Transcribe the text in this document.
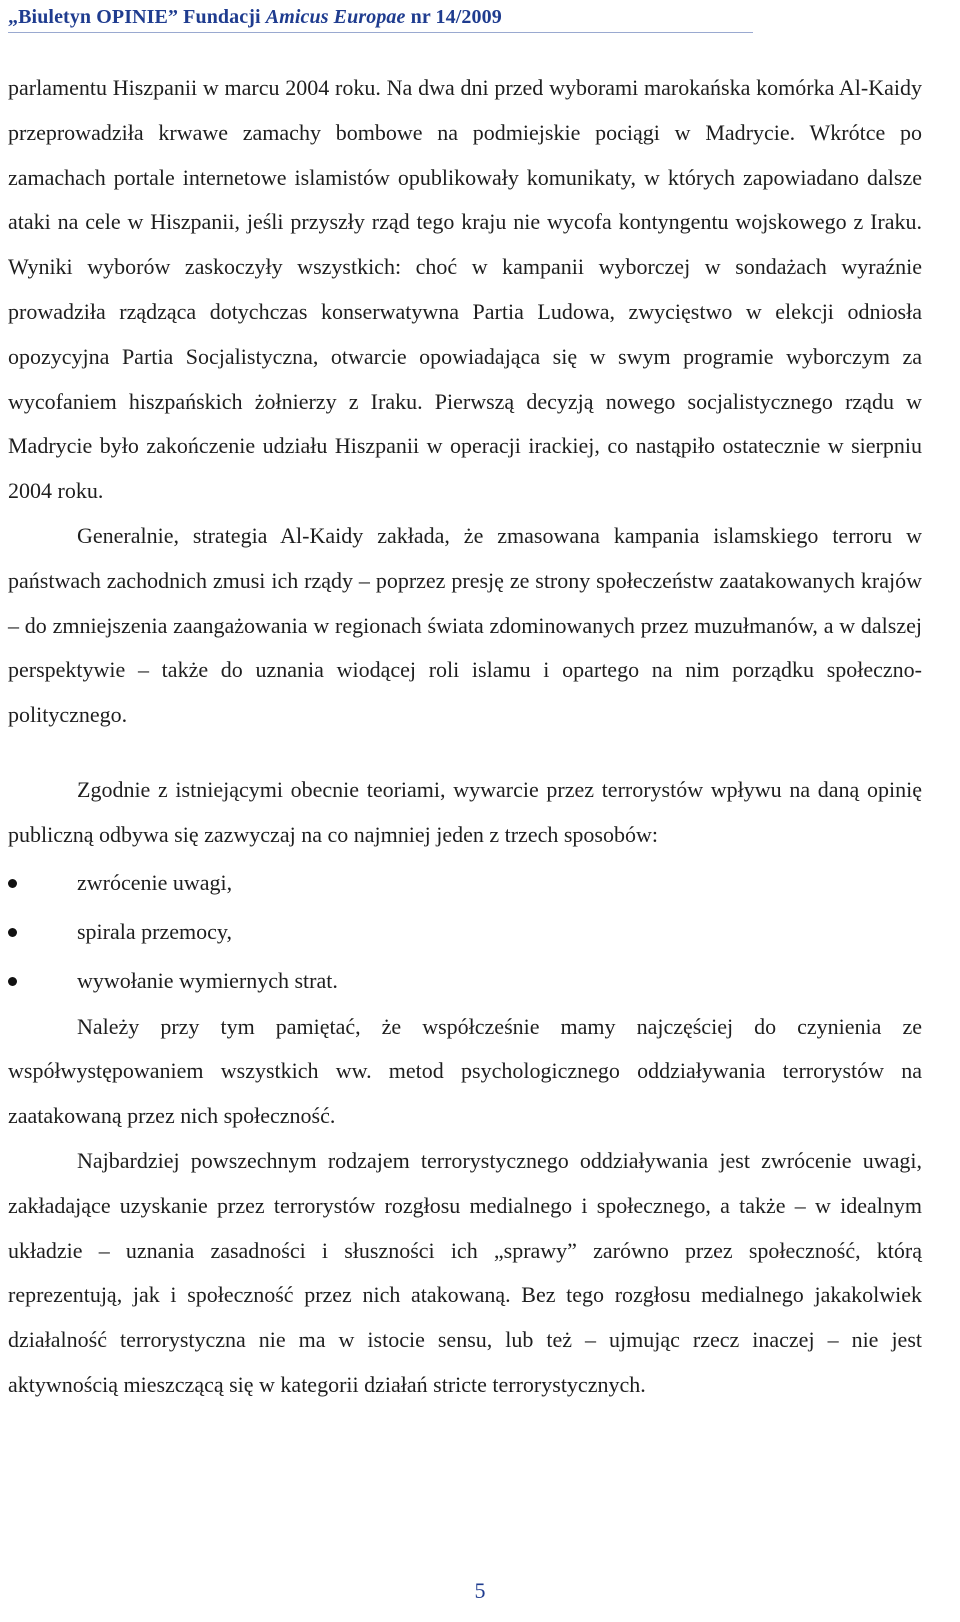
„Biuletyn OPINIE” Fundacji Amicus Europae nr 14/2009

parlamentu Hiszpanii w marcu 2004 roku. Na dwa dni przed wyborami marokańska komórka Al-Kaidy przeprowadziła krwawe zamachy bombowe na podmiejskie pociągi w Madrycie. Wkrótce po zamachach portale internetowe islamistów opublikowały komunikaty, w których zapowiadano dalsze ataki na cele w Hiszpanii, jeśli przyszły rząd tego kraju nie wycofa kontyngentu wojskowego z Iraku. Wyniki wyborów zaskoczyły wszystkich: choć w kampanii wyborczej w sondażach wyraźnie prowadziła rządząca dotychczas konserwatywna Partia Ludowa, zwycięstwo w elekcji odniosła opozycyjna Partia Socjalistyczna, otwarcie opowiadająca się w swym programie wyborczym za wycofaniem hiszpańskich żołnierzy z Iraku. Pierwszą decyzją nowego socjalistycznego rządu w Madrycie było zakończenie udziału Hiszpanii w operacji irackiej, co nastąpiło ostatecznie w sierpniu 2004 roku.

Generalnie, strategia Al-Kaidy zakłada, że zmasowana kampania islamskiego terroru w państwach zachodnich zmusi ich rządy – poprzez presję ze strony społeczeństw zaatakowanych krajów – do zmniejszenia zaangażowania w regionach świata zdominowanych przez muzułmanów, a w dalszej perspektywie – także do uznania wiodącej roli islamu i opartego na nim porządku społeczno-politycznego.

Zgodnie z istniejącymi obecnie teoriami, wywarcie przez terrorystów wpływu na daną opinię publiczną odbywa się zazwyczaj na co najmniej jeden z trzech sposobów:

zwrócenie uwagi,
spirala przemocy,
wywołanie wymiernych strat.

Należy przy tym pamiętać, że współcześnie mamy najczęściej do czynienia ze współwystępowaniem wszystkich ww. metod psychologicznego oddziaływania terrorystów na zaatakowaną przez nich społeczność.

Najbardziej powszechnym rodzajem terrorystycznego oddziaływania jest zwrócenie uwagi, zakładające uzyskanie przez terrorystów rozgłosu medialnego i społecznego, a także – w idealnym układzie – uznania zasadności i słuszności ich „sprawy” zarówno przez społeczność, którą reprezentują, jak i społeczność przez nich atakowaną. Bez tego rozgłosu medialnego jakakolwiek działalność terrorystyczna nie ma w istocie sensu, lub też – ujmując rzecz inaczej – nie jest aktywnością mieszczącą się w kategorii działań stricte terrorystycznych.

5
